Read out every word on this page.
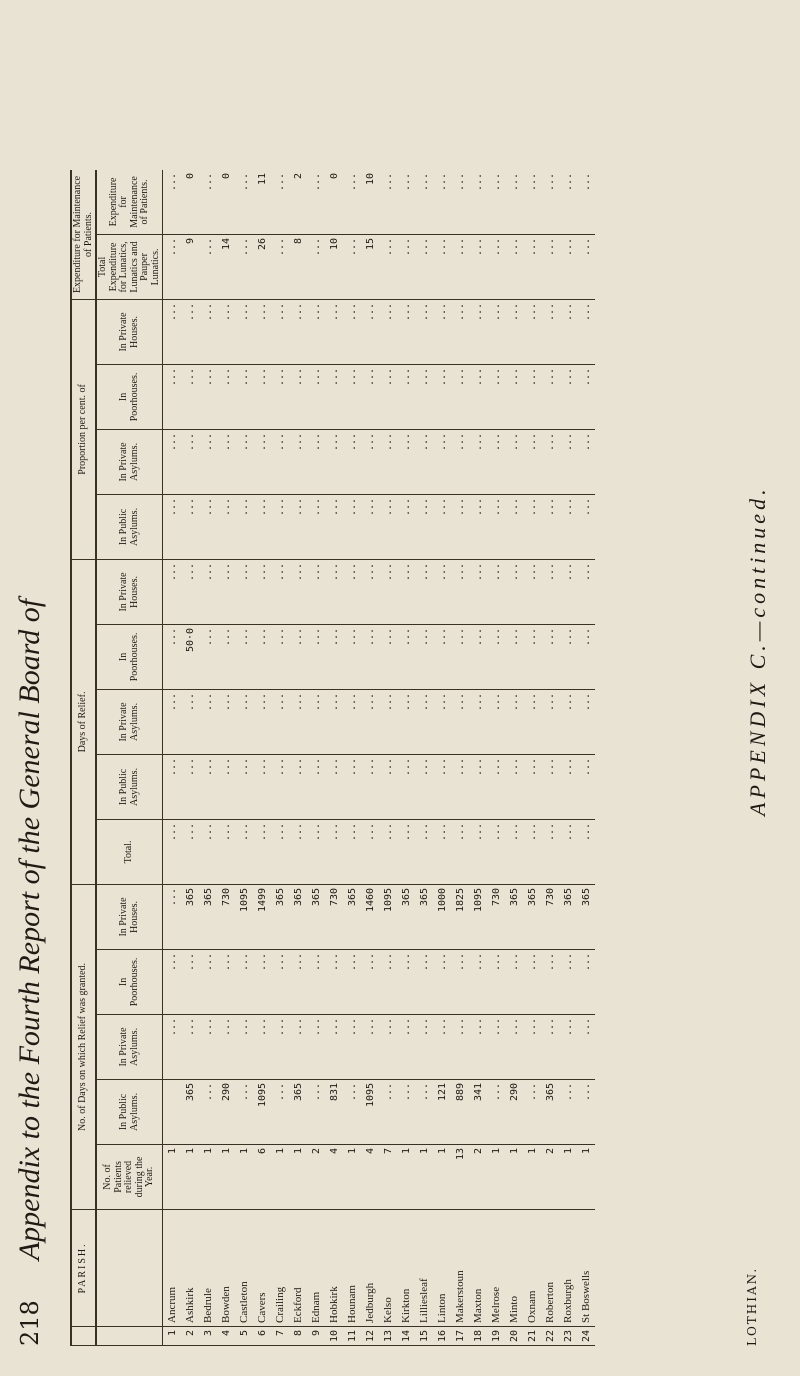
218
Appendix to the Fourth Report of the General Board of
	PARISH.	No. of Days on which Relief was granted.					Days of Relief.					Proportion per cent. of				Expenditure for Maintenance of Patients.	
		No. of Patients relieved during the Year.	In Public Asylums.	In Private Asylums.	In Poorhouses.	In Private Houses.	Total.	In Public Asylums.	In Private Asylums.	In Poorhouses.	In Private Houses.	In Public Asylums.	In Private Asylums.	In Poorhouses.	In Private Houses.	Total Expenditure for Lunatics, Lunatics and Pauper Lunatics.	Expenditure for Maintenance of Patients.
1	Ancrum	1		...	...	...	...	...	...	...	...	...	...	...	...	...	...
2	Ashkirk	1	365	...	...	365	...	...	...	50·0	...	...	...	...	...	9	0
3	Bedrule	1	...	...	...	365	...	...	...	...	...	...	...	...	...	...	...
4	Bowden	1	290	...	...	730	...	...	...	...	...	...	...	...	...	14	0
5	Castleton	1	...	...	...	1095	...	...	...	...	...	...	...	...	...	...	...
6	Cavers	6	1095	...	...	1499	...	...	...	...	...	...	...	...	...	26	11
7	Crailing	1	...	...	...	365	...	...	...	...	...	...	...	...	...	...	...
8	Eckford	1	365	...	...	365	...	...	...	...	...	...	...	...	...	8	2
9	Ednam	2	...	...	...	365	...	...	...	...	...	...	...	...	...	...	...
10	Hobkirk	4	831	...	...	730	...	...	...	...	...	...	...	...	...	10	0
11	Hounam	1	...	...	...	365	...	...	...	...	...	...	...	...	...	...	...
12	Jedburgh	4	1095	...	...	1460	...	...	...	...	...	...	...	...	...	15	10
13	Kelso	7	...	...	...	1095	...	...	...	...	...	...	...	...	...	...	...
14	Kirkton	1	...	...	...	365	...	...	...	...	...	...	...	...	...	...	...
15	Lilliesleaf	1	...	...	...	365	...	...	...	...	...	...	...	...	...	...	...
16	Linton	1	121	...	...	1000	...	...	...	...	...	...	...	...	...	...	...
17	Makerstoun	13	889	...	...	1825	...	...	...	...	...	...	...	...	...	...	...
18	Maxton	2	341	...	...	1095	...	...	...	...	...	...	...	...	...	...	...
19	Melrose	1	...	...	...	730	...	...	...	...	...	...	...	...	...	...	...
20	Minto	1	290	...	...	365	...	...	...	...	...	...	...	...	...	...	...
21	Oxnam	1	...	...	...	365	...	...	...	...	...	...	...	...	...	...	...
22	Roberton	2	365	...	...	730	...	...	...	...	...	...	...	...	...	...	...
23	Roxburgh	1	...	...	...	365	...	...	...	...	...	...	...	...	...	...	...
24	St Boswells	1	...	...	...	365	...	...	...	...	...	...	...	...	...	...	...
APPENDIX C.—continued.
LOTHIAN.
